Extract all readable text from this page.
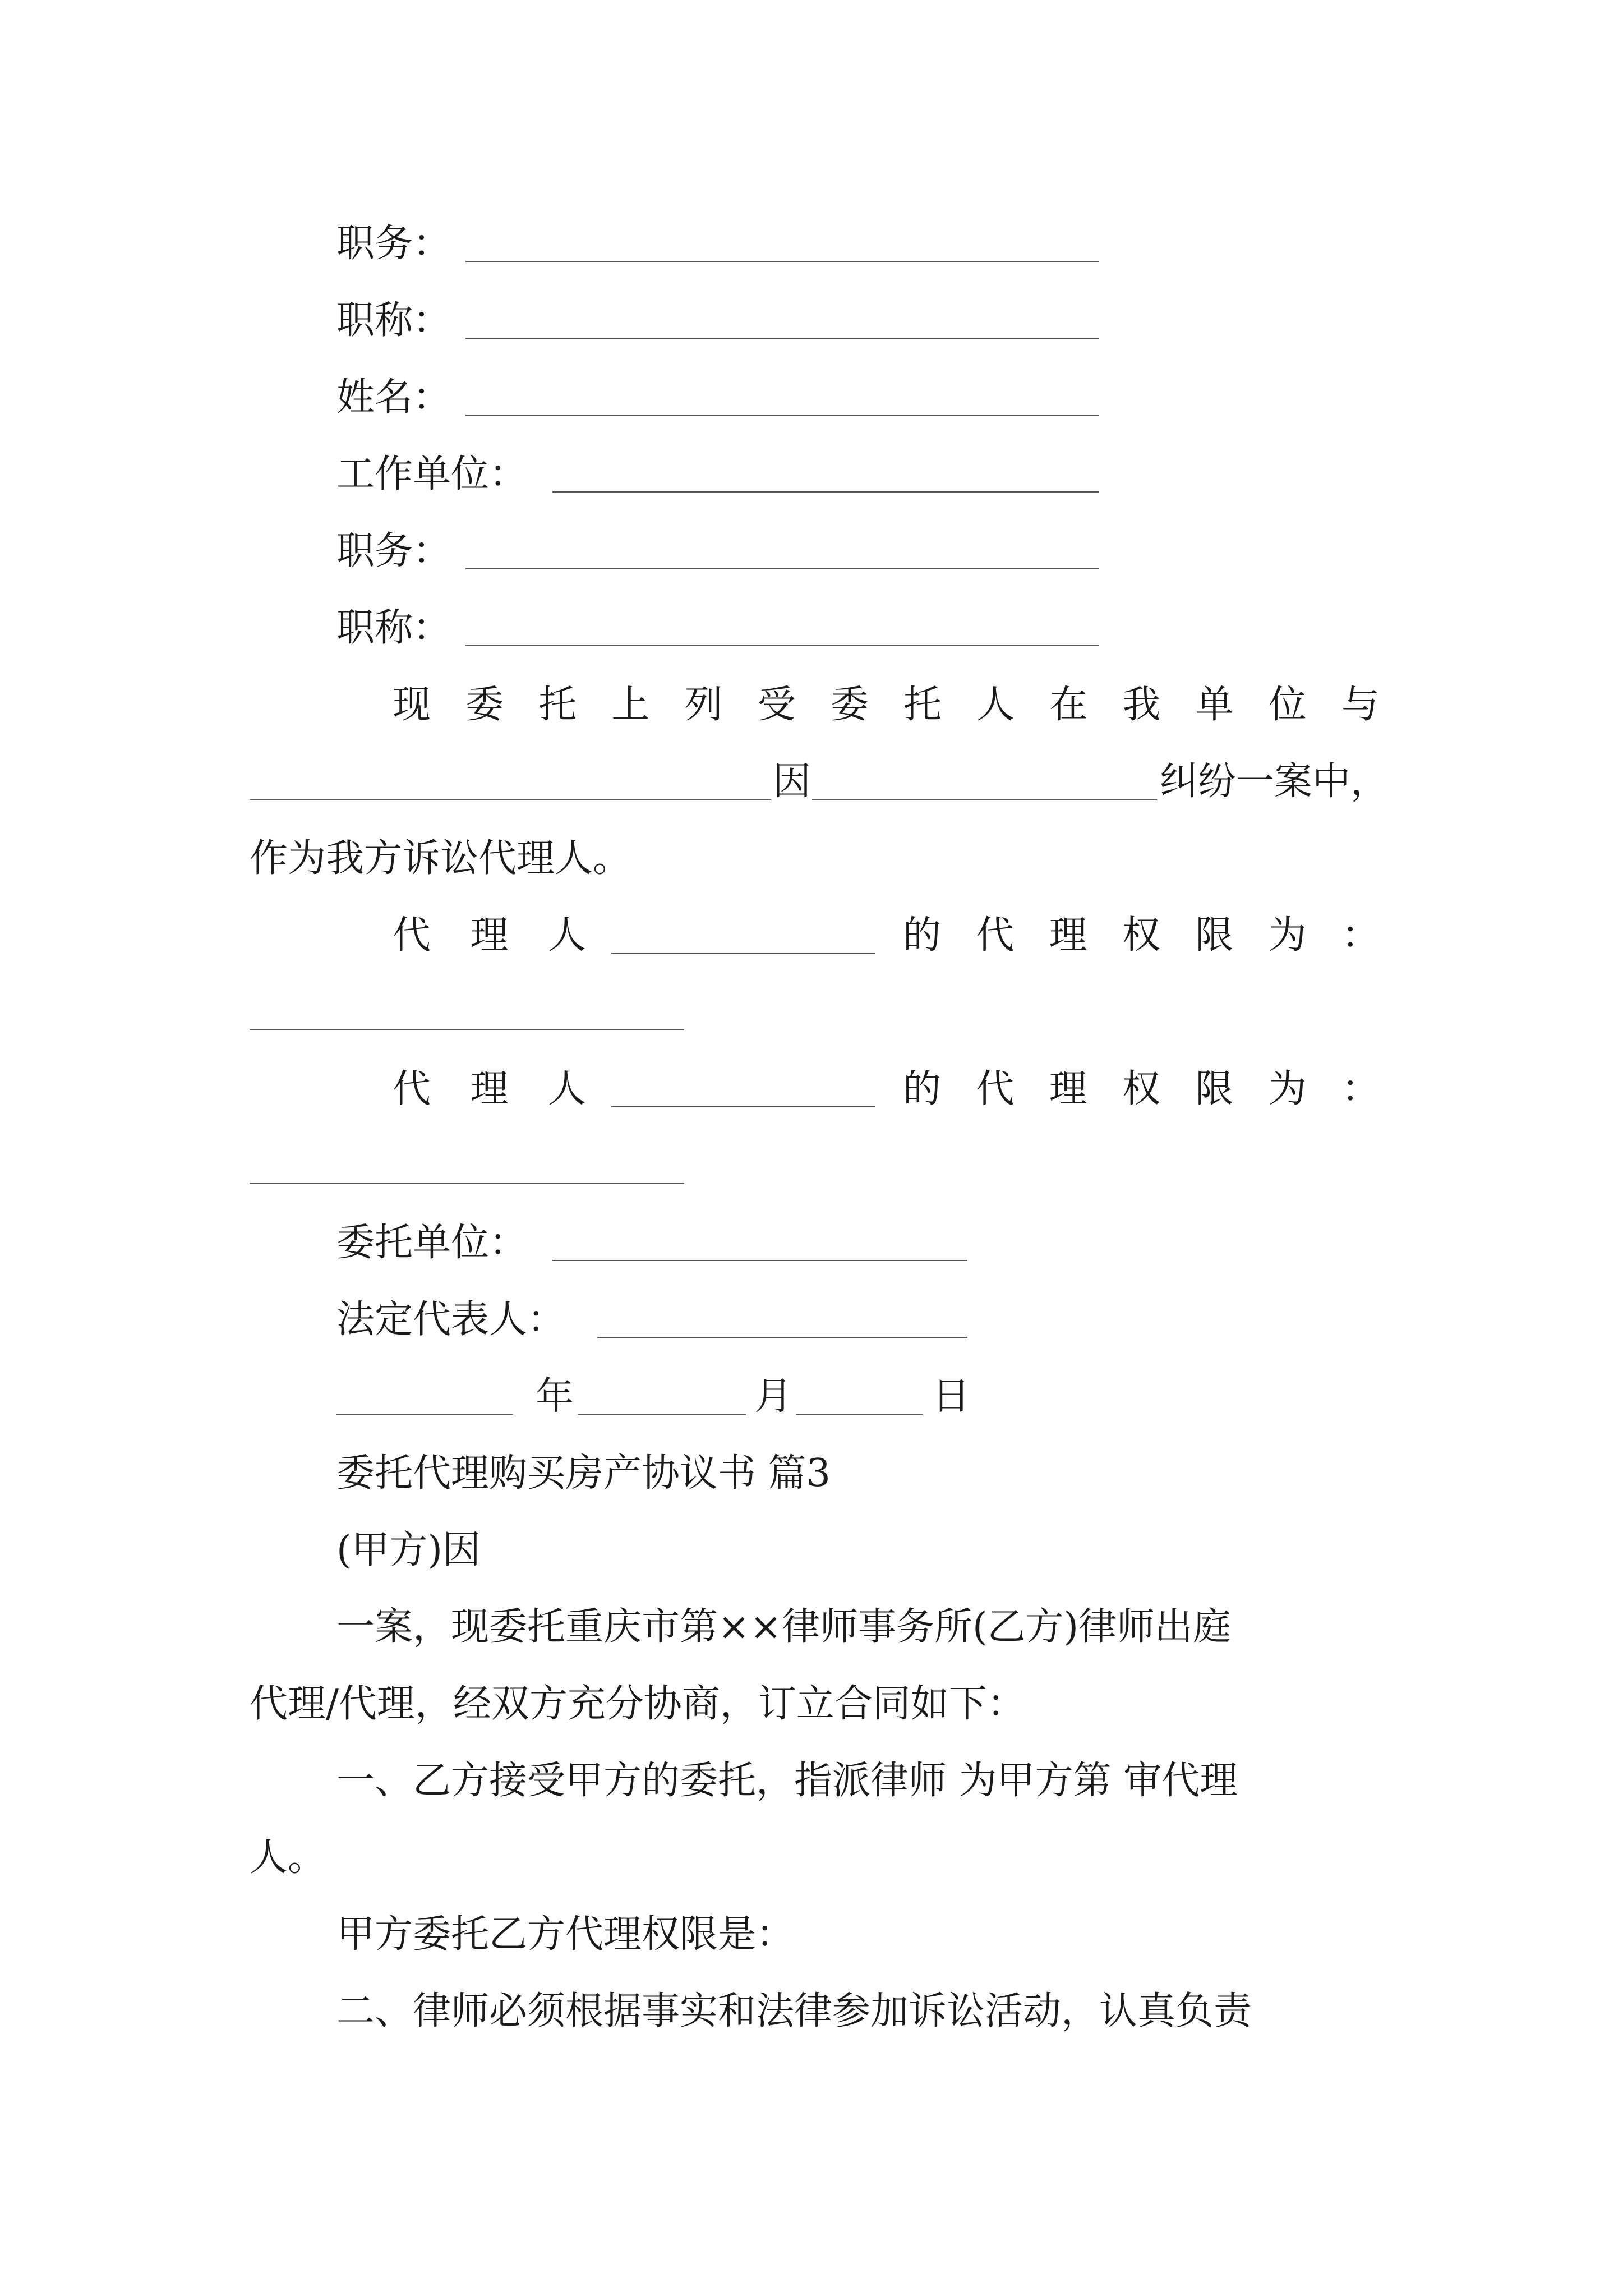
职务：
职称：
姓名：
工作单位：
职务：
职称：
现 委 托 上 列 受 委 托 人 在 我 单 位 与
因	纠纷一案中，
作为我方诉讼代理人。
代 理 人	的 代 理 权 限 为 ：
代 理 人	的 代 理 权 限 为 ：
委托单位：
法定代表人：
年	月	日
委托代理购买房产协议书 篇3
(甲方)因
一案，现委托重庆市第××律师事务所(乙方)律师出庭
代理/代理，经双方充分协商，订立合同如下：
一、乙方接受甲方的委托，指派律师 为甲方第 审代理
人。
甲方委托乙方代理权限是：
二、律师必须根据事实和法律参加诉讼活动，认真负责
